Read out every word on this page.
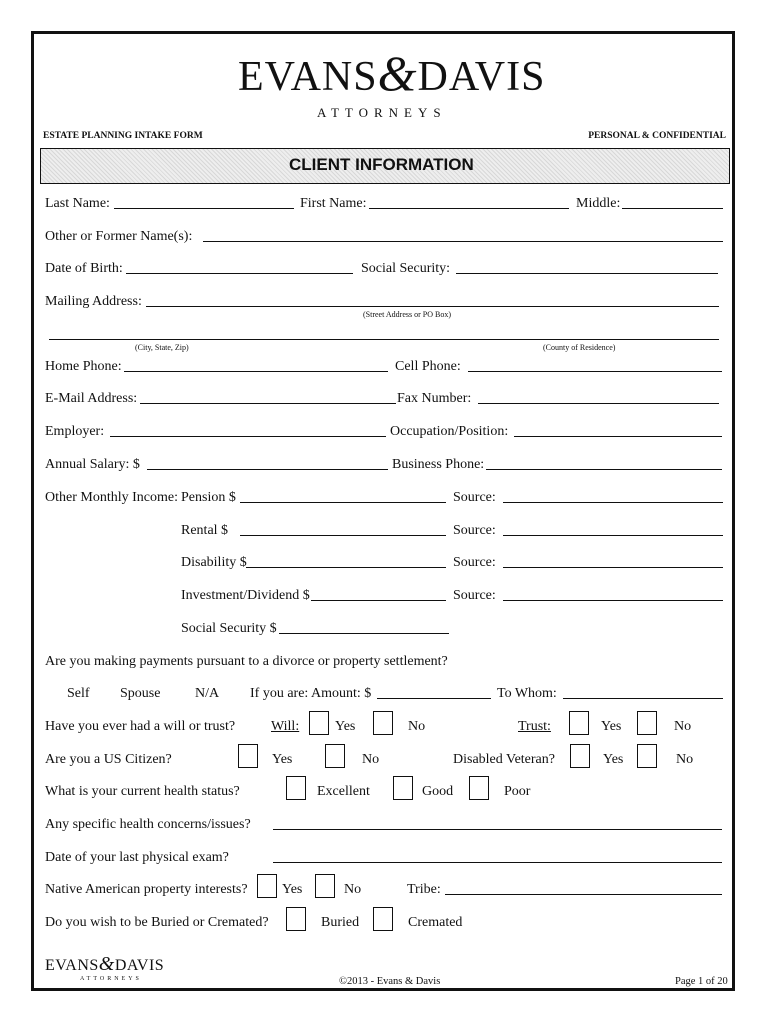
EVANS&DAVIS
ATTORNEYS
ESTATE PLANNING INTAKE FORM	PERSONAL & CONFIDENTIAL
CLIENT INFORMATION
Last Name:	First Name:	Middle:
Other or Former Name(s):
Date of Birth:	Social Security:
Mailing Address:
(Street Address or PO Box)
(City, State, Zip)	(County of Residence)
Home Phone:	Cell Phone:
E-Mail Address:	Fax Number:
Employer:	Occupation/Position:
Annual Salary: $	Business Phone:
Other Monthly Income: Pension $	Source:
Rental $	Source:
Disability $	Source:
Investment/Dividend $	Source:
Social Security $
Are you making payments pursuant to a divorce or property settlement?
Self Spouse N/A If you are: Amount: $	To Whom:
Have you ever had a will or trust?	Will:	Yes	No	Trust:	Yes	No
Are you a US Citizen?	Yes	No	Disabled Veteran?	Yes	No
What is your current health status?	Excellent	Good	Poor
Any specific health concerns/issues?
Date of your last physical exam?
Native American property interests? Yes	No	Tribe:
Do you wish to be Buried or Cremated?	Buried	Cremated
EVANS&DAVIS
ATTORNEYS	©2013 - Evans & Davis	Page 1 of 20
